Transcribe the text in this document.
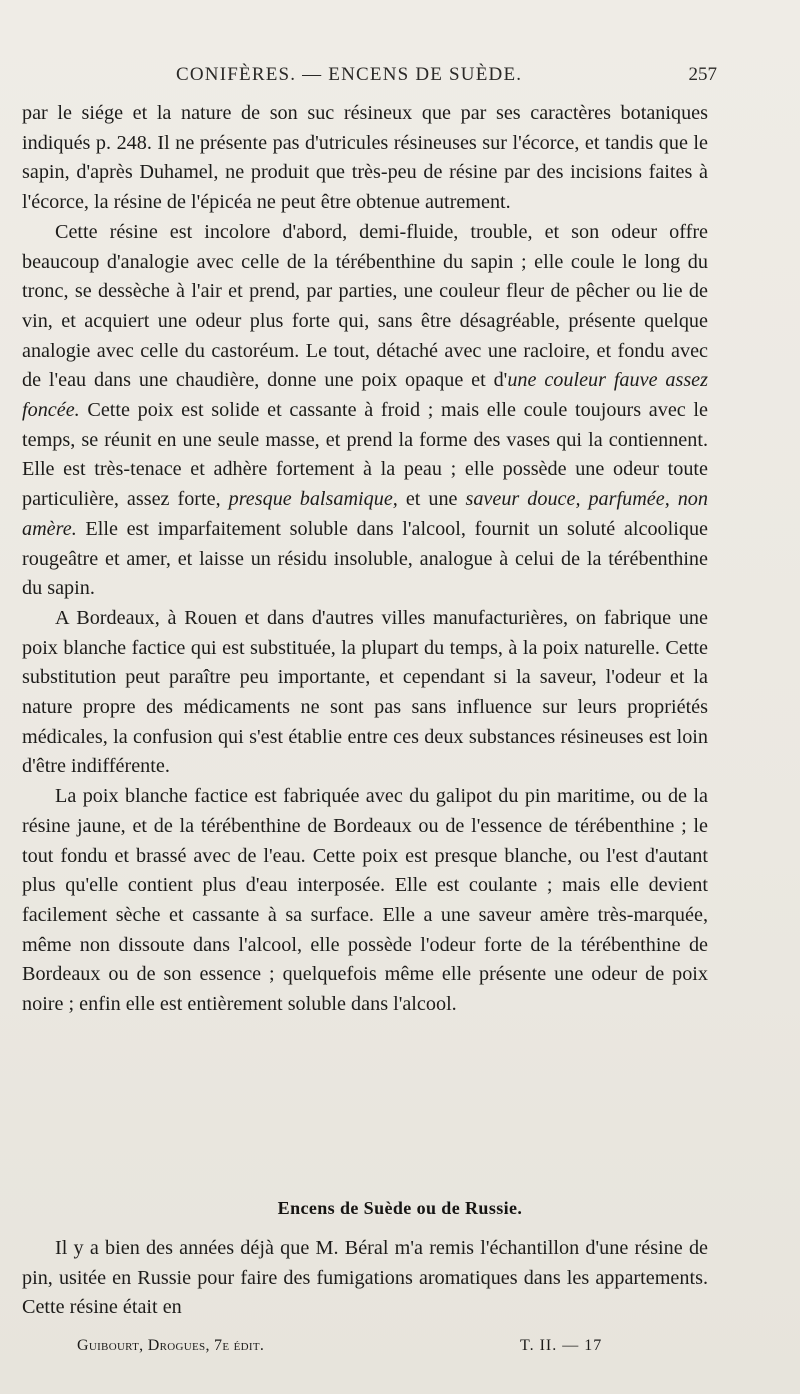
CONIFÈRES. — ENCENS DE SUÈDE.	257

par le siége et la nature de son suc résineux que par ses caractères botaniques indiqués p. 248. Il ne présente pas d'utricules résineuses sur l'écorce, et tandis que le sapin, d'après Duhamel, ne produit que très-peu de résine par des incisions faites à l'écorce, la résine de l'épicéa ne peut être obtenue autrement.

Cette résine est incolore d'abord, demi-fluide, trouble, et son odeur offre beaucoup d'analogie avec celle de la térébenthine du sapin ; elle coule le long du tronc, se dessèche à l'air et prend, par parties, une couleur fleur de pêcher ou lie de vin, et acquiert une odeur plus forte qui, sans être désagréable, présente quelque analogie avec celle du castoréum. Le tout, détaché avec une racloire, et fondu avec de l'eau dans une chaudière, donne une poix opaque et d'une couleur fauve assez foncée. Cette poix est solide et cassante à froid ; mais elle coule toujours avec le temps, se réunit en une seule masse, et prend la forme des vases qui la contiennent. Elle est très-tenace et adhère fortement à la peau ; elle possède une odeur toute particulière, assez forte, presque balsamique, et une saveur douce, parfumée, non amère. Elle est imparfaitement soluble dans l'alcool, fournit un soluté alcoolique rougeâtre et amer, et laisse un résidu insoluble, analogue à celui de la térébenthine du sapin.

A Bordeaux, à Rouen et dans d'autres villes manufacturières, on fabrique une poix blanche factice qui est substituée, la plupart du temps, à la poix naturelle. Cette substitution peut paraître peu importante, et cependant si la saveur, l'odeur et la nature propre des médicaments ne sont pas sans influence sur leurs propriétés médicales, la confusion qui s'est établie entre ces deux substances résineuses est loin d'être indifférente.

La poix blanche factice est fabriquée avec du galipot du pin maritime, ou de la résine jaune, et de la térébenthine de Bordeaux ou de l'essence de térébenthine ; le tout fondu et brassé avec de l'eau. Cette poix est presque blanche, ou l'est d'autant plus qu'elle contient plus d'eau interposée. Elle est coulante ; mais elle devient facilement sèche et cassante à sa surface. Elle a une saveur amère très-marquée, même non dissoute dans l'alcool, elle possède l'odeur forte de la térébenthine de Bordeaux ou de son essence ; quelquefois même elle présente une odeur de poix noire ; enfin elle est entièrement soluble dans l'alcool.

Encens de Suède ou de Russie.

Il y a bien des années déjà que M. Béral m'a remis l'échantillon d'une résine de pin, usitée en Russie pour faire des fumigations aromatiques dans les appartements. Cette résine était en

Guibourt, Drogues, 7e édit.	T. II. — 17
